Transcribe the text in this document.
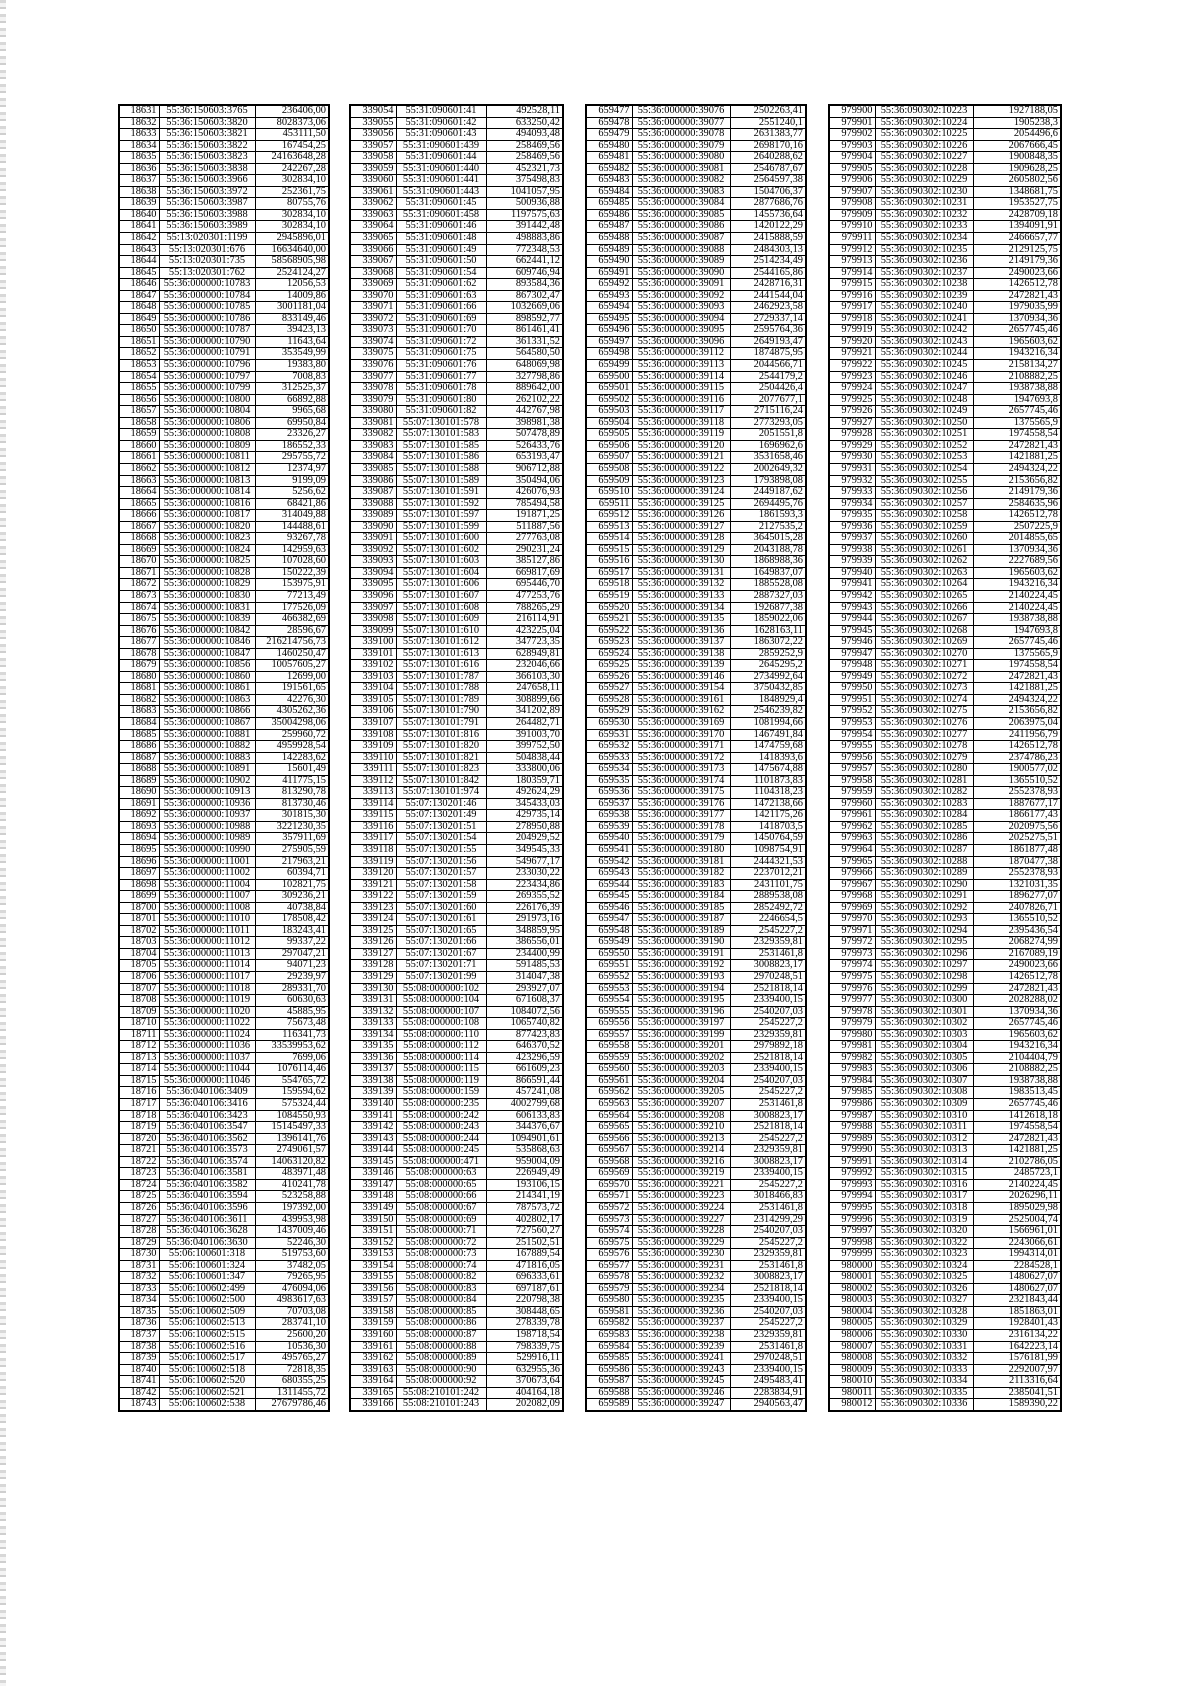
18631	55:36:150603:3765	236406,00
18632	55:36:150603:3820	8028373,06
18633	55:36:150603:3821	453111,50
18634	55:36:150603:3822	167454,25
18635	55:36:150603:3823	24163648,28
18636	55:36:150603:3838	242267,28
18637	55:36:150603:3966	302834,10
18638	55:36:150603:3972	252361,75
18639	55:36:150603:3987	80755,76
18640	55:36:150603:3988	302834,10
18641	55:36:150603:3989	302834,10
18642	55:13:020301:1199	2945896,01
18643	55:13:020301:676	16634640,00
18644	55:13:020301:735	58568905,98
18645	55:13:020301:762	2524124,27
18646	55:36:000000:10783	12056,53
18647	55:36:000000:10784	14009,86
18648	55:36:000000:10785	3001181,04
18649	55:36:000000:10786	833149,46
18650	55:36:000000:10787	39423,13
18651	55:36:000000:10790	11643,64
18652	55:36:000000:10791	353549,99
18653	55:36:000000:10796	19383,80
18654	55:36:000000:10797	7008,83
18655	55:36:000000:10799	312525,37
18656	55:36:000000:10800	66892,88
18657	55:36:000000:10804	9965,68
18658	55:36:000000:10806	69950,84
18659	55:36:000000:10808	23326,27
18660	55:36:000000:10809	186552,33
18661	55:36:000000:10811	295755,72
18662	55:36:000000:10812	12374,97
18663	55:36:000000:10813	9199,09
18664	55:36:000000:10814	5256,62
18665	55:36:000000:10816	68421,86
18666	55:36:000000:10817	314049,88
18667	55:36:000000:10820	144488,61
18668	55:36:000000:10823	93267,78
18669	55:36:000000:10824	142959,63
18670	55:36:000000:10825	107028,60
18671	55:36:000000:10828	150222,39
18672	55:36:000000:10829	153975,91
18673	55:36:000000:10830	77213,49
18674	55:36:000000:10831	177526,09
18675	55:36:000000:10839	466382,69
18676	55:36:000000:10842	28596,67
18677	55:36:000000:10846	216214756,73
18678	55:36:000000:10847	1460250,47
18679	55:36:000000:10856	10057605,27
18680	55:36:000000:10860	12699,00
18681	55:36:000000:10861	191561,65
18682	55:36:000000:10863	42276,30
18683	55:36:000000:10866	4305262,36
18684	55:36:000000:10867	35004298,06
18685	55:36:000000:10881	259960,72
18686	55:36:000000:10882	4959928,54
18687	55:36:000000:10883	142283,62
18688	55:36:000000:10891	15601,49
18689	55:36:000000:10902	411775,15
18690	55:36:000000:10913	813290,78
18691	55:36:000000:10936	813730,46
18692	55:36:000000:10937	301815,30
18693	55:36:000000:10988	3221230,35
18694	55:36:000000:10989	357911,69
18695	55:36:000000:10990	275905,59
18696	55:36:000000:11001	217963,21
18697	55:36:000000:11002	60394,71
18698	55:36:000000:11004	102821,75
18699	55:36:000000:11007	309236,21
18700	55:36:000000:11008	40738,84
18701	55:36:000000:11010	178508,42
18702	55:36:000000:11011	183243,41
18703	55:36:000000:11012	99337,22
18704	55:36:000000:11013	297047,21
18705	55:36:000000:11014	94071,23
18706	55:36:000000:11017	29239,97
18707	55:36:000000:11018	289331,70
18708	55:36:000000:11019	60630,63
18709	55:36:000000:11020	45885,95
18710	55:36:000000:11022	75673,48
18711	55:36:000000:11024	116341,73
18712	55:36:000000:11036	33539953,62
18713	55:36:000000:11037	7699,06
18714	55:36:000000:11044	1076114,46
18715	55:36:000000:11046	554765,72
18716	55:36:040106:3409	159594,62
18717	55:36:040106:3416	575324,44
18718	55:36:040106:3423	1084550,93
18719	55:36:040106:3547	15145497,33
18720	55:36:040106:3562	1396141,76
18721	55:36:040106:3573	2749061,57
18722	55:36:040106:3574	14063120,82
18723	55:36:040106:3581	483971,48
18724	55:36:040106:3582	410241,78
18725	55:36:040106:3594	523258,88
18726	55:36:040106:3596	197392,00
18727	55:36:040106:3611	439953,98
18728	55:36:040106:3628	1437009,46
18729	55:36:040106:3630	52246,30
18730	55:06:100601:318	519753,60
18731	55:06:100601:324	37482,05
18732	55:06:100601:347	79265,95
18733	55:06:100602:499	476094,06
18734	55:06:100602:500	4983617,63
18735	55:06:100602:509	70703,08
18736	55:06:100602:513	283741,10
18737	55:06:100602:515	25600,20
18738	55:06:100602:516	10536,30
18739	55:06:100602:517	495765,27
18740	55:06:100602:518	72818,35
18741	55:06:100602:520	680355,25
18742	55:06:100602:521	1311455,72
18743	55:06:100602:538	27679786,46
339054	55:31:090601:41	492528,11
339055	55:31:090601:42	633250,42
339056	55:31:090601:43	494093,48
339057	55:31:090601:439	258469,56
339058	55:31:090601:44	258469,56
339059	55:31:090601:440	452321,73
339060	55:31:090601:441	375498,83
339061	55:31:090601:443	1041057,95
339062	55:31:090601:45	500936,88
339063	55:31:090601:458	1197575,63
339064	55:31:090601:46	391442,48
339065	55:31:090601:48	498883,86
339066	55:31:090601:49	772348,53
339067	55:31:090601:50	662441,12
339068	55:31:090601:54	609746,94
339069	55:31:090601:62	893584,36
339070	55:31:090601:63	867302,47
339071	55:31:090601:66	1032669,06
339072	55:31:090601:69	898592,77
339073	55:31:090601:70	861461,41
339074	55:31:090601:72	361331,52
339075	55:31:090601:75	564580,50
339076	55:31:090601:76	648069,98
339077	55:31:090601:77	327798,86
339078	55:31:090601:78	889642,00
339079	55:31:090601:80	262102,22
339080	55:31:090601:82	442767,98
339081	55:07:130101:578	398981,38
339082	55:07:130101:583	507478,89
339083	55:07:130101:585	526433,76
339084	55:07:130101:586	653193,47
339085	55:07:130101:588	906712,88
339086	55:07:130101:589	350494,06
339087	55:07:130101:591	426076,93
339088	55:07:130101:592	785494,58
339089	55:07:130101:597	191871,25
339090	55:07:130101:599	511887,56
339091	55:07:130101:600	277763,08
339092	55:07:130101:602	290231,24
339093	55:07:130101:603	385127,86
339094	55:07:130101:604	669817,69
339095	55:07:130101:606	695446,70
339096	55:07:130101:607	477253,76
339097	55:07:130101:608	788265,29
339098	55:07:130101:609	216114,91
339099	55:07:130101:610	423225,04
339100	55:07:130101:612	347723,35
339101	55:07:130101:613	628949,81
339102	55:07:130101:616	232046,66
339103	55:07:130101:787	366103,30
339104	55:07:130101:788	247658,11
339105	55:07:130101:789	308899,66
339106	55:07:130101:790	341202,89
339107	55:07:130101:791	264482,71
339108	55:07:130101:816	391003,70
339109	55:07:130101:820	399752,50
339110	55:07:130101:821	504838,44
339111	55:07:130101:823	333800,06
339112	55:07:130101:842	180359,71
339113	55:07:130101:974	492624,29
339114	55:07:130201:46	345433,03
339115	55:07:130201:49	429735,14
339116	55:07:130201:51	278950,88
339117	55:07:130201:54	204929,52
339118	55:07:130201:55	349545,33
339119	55:07:130201:56	549677,17
339120	55:07:130201:57	233030,22
339121	55:07:130201:58	223434,86
339122	55:07:130201:59	269355,52
339123	55:07:130201:60	226176,39
339124	55:07:130201:61	291973,16
339125	55:07:130201:65	348859,95
339126	55:07:130201:66	386556,01
339127	55:07:130201:67	234400,99
339128	55:07:130201:71	591485,53
339129	55:07:130201:99	314047,38
339130	55:08:000000:102	293927,07
339131	55:08:000000:104	671608,37
339132	55:08:000000:107	1084072,56
339133	55:08:000000:108	1065740,82
339134	55:08:000000:110	877423,83
339135	55:08:000000:112	646370,52
339136	55:08:000000:114	423296,59
339137	55:08:000000:115	661609,23
339138	55:08:000000:119	866591,44
339139	55:08:000000:159	457241,08
339140	55:08:000000:235	4002799,68
339141	55:08:000000:242	606133,83
339142	55:08:000000:243	344376,67
339143	55:08:000000:244	1094901,61
339144	55:08:000000:245	535868,63
339145	55:08:000000:471	959004,09
339146	55:08:000000:63	226949,49
339147	55:08:000000:65	193106,15
339148	55:08:000000:66	214341,19
339149	55:08:000000:67	787573,72
339150	55:08:000000:69	402802,17
339151	55:08:000000:71	727560,27
339152	55:08:000000:72	251502,51
339153	55:08:000000:73	167889,54
339154	55:08:000000:74	471816,05
339155	55:08:000000:82	696333,61
339156	55:08:000000:83	697187,61
339157	55:08:000000:84	220798,38
339158	55:08:000000:85	308448,65
339159	55:08:000000:86	278339,78
339160	55:08:000000:87	198718,54
339161	55:08:000000:88	798339,75
339162	55:08:000000:89	529916,11
339163	55:08:000000:90	632955,36
339164	55:08:000000:92	370673,64
339165	55:08:210101:242	404164,18
339166	55:08:210101:243	202082,09
659477	55:36:000000:39076	2502263,41
659478	55:36:000000:39077	2551240,1
659479	55:36:000000:39078	2631383,77
659480	55:36:000000:39079	2698170,16
659481	55:36:000000:39080	2640288,62
659482	55:36:000000:39081	2546787,67
659483	55:36:000000:39082	2564597,38
659484	55:36:000000:39083	1504706,37
659485	55:36:000000:39084	2877686,76
659486	55:36:000000:39085	1455736,64
659487	55:36:000000:39086	1420122,29
659488	55:36:000000:39087	2415888,59
659489	55:36:000000:39088	2484303,13
659490	55:36:000000:39089	2514234,49
659491	55:36:000000:39090	2544165,86
659492	55:36:000000:39091	2428716,31
659493	55:36:000000:39092	2441544,04
659494	55:36:000000:39093	2462923,58
659495	55:36:000000:39094	2729337,14
659496	55:36:000000:39095	2595764,36
659497	55:36:000000:39096	2649193,47
659498	55:36:000000:39112	1874875,95
659499	55:36:000000:39113	2044566,71
659500	55:36:000000:39114	2544179,2
659501	55:36:000000:39115	2504426,4
659502	55:36:000000:39116	2077677,1
659503	55:36:000000:39117	2715116,24
659504	55:36:000000:39118	2773293,05
659505	55:36:000000:39119	2051551,8
659506	55:36:000000:39120	1696962,6
659507	55:36:000000:39121	3531658,46
659508	55:36:000000:39122	2002649,32
659509	55:36:000000:39123	1793898,08
659510	55:36:000000:39124	2449187,62
659511	55:36:000000:39125	2694495,76
659512	55:36:000000:39126	1861593,3
659513	55:36:000000:39127	2127535,2
659514	55:36:000000:39128	3645015,28
659515	55:36:000000:39129	2043188,78
659516	55:36:000000:39130	1868988,36
659517	55:36:000000:39131	1649837,07
659518	55:36:000000:39132	1885528,08
659519	55:36:000000:39133	2887327,03
659520	55:36:000000:39134	1926877,38
659521	55:36:000000:39135	1859022,06
659522	55:36:000000:39136	1628163,11
659523	55:36:000000:39137	1863072,22
659524	55:36:000000:39138	2859252,9
659525	55:36:000000:39139	2645295,2
659526	55:36:000000:39146	2734992,64
659527	55:36:000000:39154	3750432,85
659528	55:36:000000:39161	1848929,4
659529	55:36:000000:39162	2546239,82
659530	55:36:000000:39169	1081994,66
659531	55:36:000000:39170	1467491,84
659532	55:36:000000:39171	1474759,68
659533	55:36:000000:39172	1418393,6
659534	55:36:000000:39173	1475674,88
659535	55:36:000000:39174	1101873,83
659536	55:36:000000:39175	1104318,23
659537	55:36:000000:39176	1472138,66
659538	55:36:000000:39177	1421175,26
659539	55:36:000000:39178	1418703,5
659540	55:36:000000:39179	1450764,59
659541	55:36:000000:39180	1098754,91
659542	55:36:000000:39181	2444321,53
659543	55:36:000000:39182	2237012,21
659544	55:36:000000:39183	2431101,75
659545	55:36:000000:39184	2889538,08
659546	55:36:000000:39185	2852492,72
659547	55:36:000000:39187	2246654,5
659548	55:36:000000:39189	2545227,2
659549	55:36:000000:39190	2329359,81
659550	55:36:000000:39191	2531461,8
659551	55:36:000000:39192	3008823,17
659552	55:36:000000:39193	2970248,51
659553	55:36:000000:39194	2521818,14
659554	55:36:000000:39195	2339400,15
659555	55:36:000000:39196	2540207,03
659556	55:36:000000:39197	2545227,2
659557	55:36:000000:39199	2329359,81
659558	55:36:000000:39201	2979892,18
659559	55:36:000000:39202	2521818,14
659560	55:36:000000:39203	2339400,15
659561	55:36:000000:39204	2540207,03
659562	55:36:000000:39205	2545227,2
659563	55:36:000000:39207	2531461,8
659564	55:36:000000:39208	3008823,17
659565	55:36:000000:39210	2521818,14
659566	55:36:000000:39213	2545227,2
659567	55:36:000000:39214	2329359,81
659568	55:36:000000:39216	3008823,17
659569	55:36:000000:39219	2339400,15
659570	55:36:000000:39221	2545227,2
659571	55:36:000000:39223	3018466,83
659572	55:36:000000:39224	2531461,8
659573	55:36:000000:39227	2314299,29
659574	55:36:000000:39228	2540207,03
659575	55:36:000000:39229	2545227,2
659576	55:36:000000:39230	2329359,81
659577	55:36:000000:39231	2531461,8
659578	55:36:000000:39232	3008823,17
659579	55:36:000000:39234	2521818,14
659580	55:36:000000:39235	2339400,15
659581	55:36:000000:39236	2540207,03
659582	55:36:000000:39237	2545227,2
659583	55:36:000000:39238	2329359,81
659584	55:36:000000:39239	2531461,8
659585	55:36:000000:39241	2970248,51
659586	55:36:000000:39243	2339400,15
659587	55:36:000000:39245	2495483,41
659588	55:36:000000:39246	2283834,91
659589	55:36:000000:39247	2940563,47
979900	55:36:090302:10223	1927188,05
979901	55:36:090302:10224	1905238,3
979902	55:36:090302:10225	2054496,6
979903	55:36:090302:10226	2067666,45
979904	55:36:090302:10227	1900848,35
979905	55:36:090302:10228	1909628,25
979906	55:36:090302:10229	2605802,56
979907	55:36:090302:10230	1348681,75
979908	55:36:090302:10231	1953527,75
979909	55:36:090302:10232	2428709,18
979910	55:36:090302:10233	1394091,91
979911	55:36:090302:10234	2466657,77
979912	55:36:090302:10235	2129125,75
979913	55:36:090302:10236	2149179,36
979914	55:36:090302:10237	2490023,66
979915	55:36:090302:10238	1426512,78
979916	55:36:090302:10239	2472821,43
979917	55:36:090302:10240	1979035,99
979918	55:36:090302:10241	1370934,36
979919	55:36:090302:10242	2657745,46
979920	55:36:090302:10243	1965603,62
979921	55:36:090302:10244	1943216,34
979922	55:36:090302:10245	2158134,27
979923	55:36:090302:10246	2108882,25
979924	55:36:090302:10247	1938738,88
979925	55:36:090302:10248	1947693,8
979926	55:36:090302:10249	2657745,46
979927	55:36:090302:10250	1375565,9
979928	55:36:090302:10251	1974558,54
979929	55:36:090302:10252	2472821,43
979930	55:36:090302:10253	1421881,25
979931	55:36:090302:10254	2494324,22
979932	55:36:090302:10255	2153656,82
979933	55:36:090302:10256	2149179,36
979934	55:36:090302:10257	2584635,96
979935	55:36:090302:10258	1426512,78
979936	55:36:090302:10259	2507225,9
979937	55:36:090302:10260	2014855,65
979938	55:36:090302:10261	1370934,36
979939	55:36:090302:10262	2227689,56
979940	55:36:090302:10263	1965603,62
979941	55:36:090302:10264	1943216,34
979942	55:36:090302:10265	2140224,45
979943	55:36:090302:10266	2140224,45
979944	55:36:090302:10267	1938738,88
979945	55:36:090302:10268	1947693,8
979946	55:36:090302:10269	2657745,46
979947	55:36:090302:10270	1375565,9
979948	55:36:090302:10271	1974558,54
979949	55:36:090302:10272	2472821,43
979950	55:36:090302:10273	1421881,25
979951	55:36:090302:10274	2494324,22
979952	55:36:090302:10275	2153656,82
979953	55:36:090302:10276	2063975,04
979954	55:36:090302:10277	2411956,79
979955	55:36:090302:10278	1426512,78
979956	55:36:090302:10279	2374786,23
979957	55:36:090302:10280	1900577,02
979958	55:36:090302:10281	1365510,52
979959	55:36:090302:10282	2552378,93
979960	55:36:090302:10283	1887677,17
979961	55:36:090302:10284	1866177,43
979962	55:36:090302:10285	2020975,56
979963	55:36:090302:10286	2025275,51
979964	55:36:090302:10287	1861877,48
979965	55:36:090302:10288	1870477,38
979966	55:36:090302:10289	2552378,93
979967	55:36:090302:10290	1321031,35
979968	55:36:090302:10291	1896277,07
979969	55:36:090302:10292	2407826,71
979970	55:36:090302:10293	1365510,52
979971	55:36:090302:10294	2395436,54
979972	55:36:090302:10295	2068274,99
979973	55:36:090302:10296	2167089,19
979974	55:36:090302:10297	2490023,66
979975	55:36:090302:10298	1426512,78
979976	55:36:090302:10299	2472821,43
979977	55:36:090302:10300	2028288,02
979978	55:36:090302:10301	1370934,36
979979	55:36:090302:10302	2657745,46
979980	55:36:090302:10303	1965603,62
979981	55:36:090302:10304	1943216,34
979982	55:36:090302:10305	2104404,79
979983	55:36:090302:10306	2108882,25
979984	55:36:090302:10307	1938738,88
979985	55:36:090302:10308	1983513,45
979986	55:36:090302:10309	2657745,46
979987	55:36:090302:10310	1412618,18
979988	55:36:090302:10311	1974558,54
979989	55:36:090302:10312	2472821,43
979990	55:36:090302:10313	1421881,25
979991	55:36:090302:10314	2102786,05
979992	55:36:090302:10315	2485723,1
979993	55:36:090302:10316	2140224,45
979994	55:36:090302:10317	2026296,11
979995	55:36:090302:10318	1895029,98
979996	55:36:090302:10319	2525004,74
979997	55:36:090302:10320	1566961,01
979998	55:36:090302:10322	2243066,61
979999	55:36:090302:10323	1994314,01
980000	55:36:090302:10324	2284528,1
980001	55:36:090302:10325	1480627,07
980002	55:36:090302:10326	1480627,07
980003	55:36:090302:10327	2321843,44
980004	55:36:090302:10328	1851863,01
980005	55:36:090302:10329	1928401,43
980006	55:36:090302:10330	2316134,22
980007	55:36:090302:10331	1642223,14
980008	55:36:090302:10332	1576181,99
980009	55:36:090302:10333	2292007,97
980010	55:36:090302:10334	2113316,64
980011	55:36:090302:10335	2385041,51
980012	55:36:090302:10336	1589390,22
